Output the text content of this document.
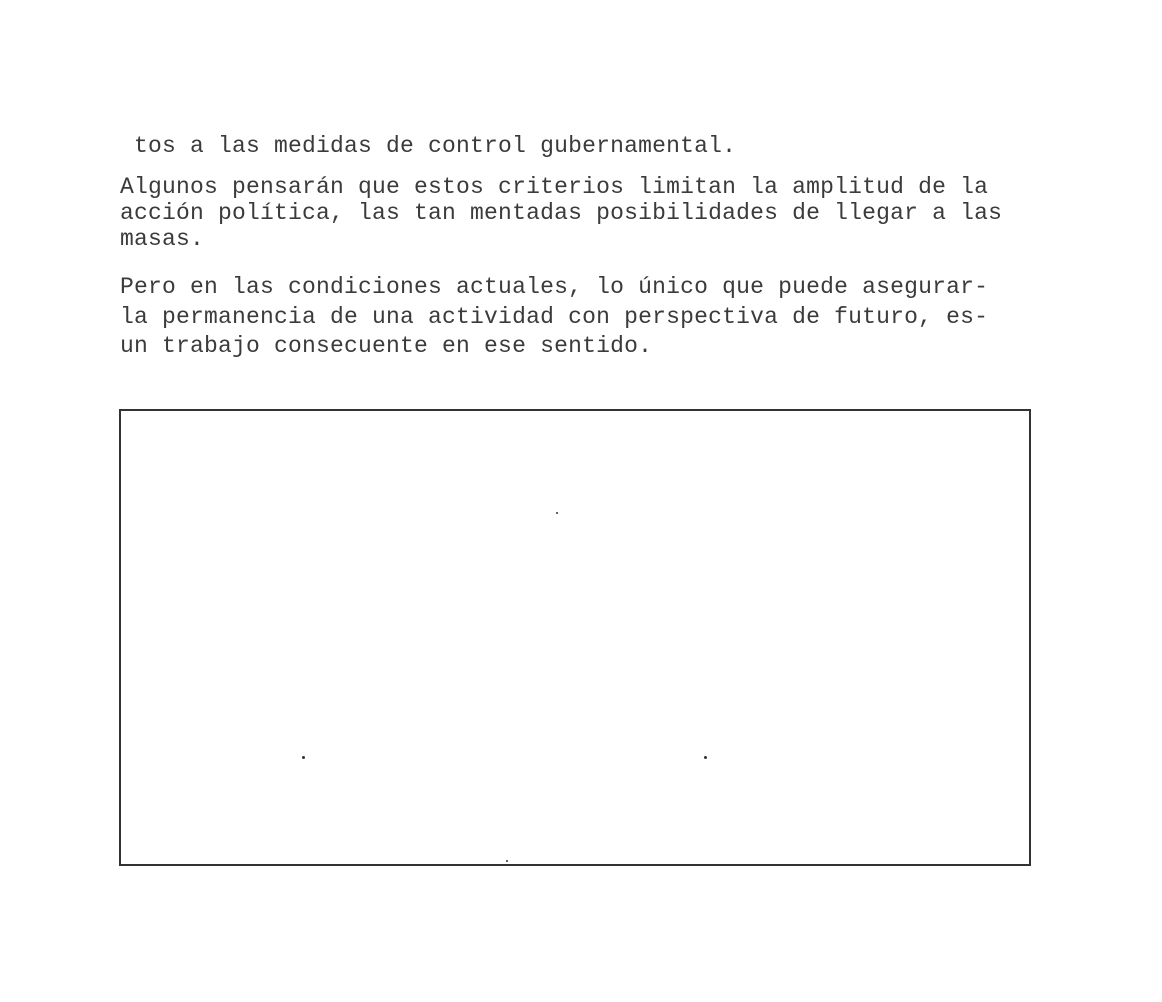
tos a las medidas de control gubernamental.
Algunos pensarán que estos criterios limitan la amplitud de la
acción política, las tan mentadas posibilidades de llegar a las
masas.
Pero en las condiciones actuales, lo único que puede asegurar-
la permanencia de una actividad con perspectiva de futuro, es-
un trabajo consecuente en ese sentido.
